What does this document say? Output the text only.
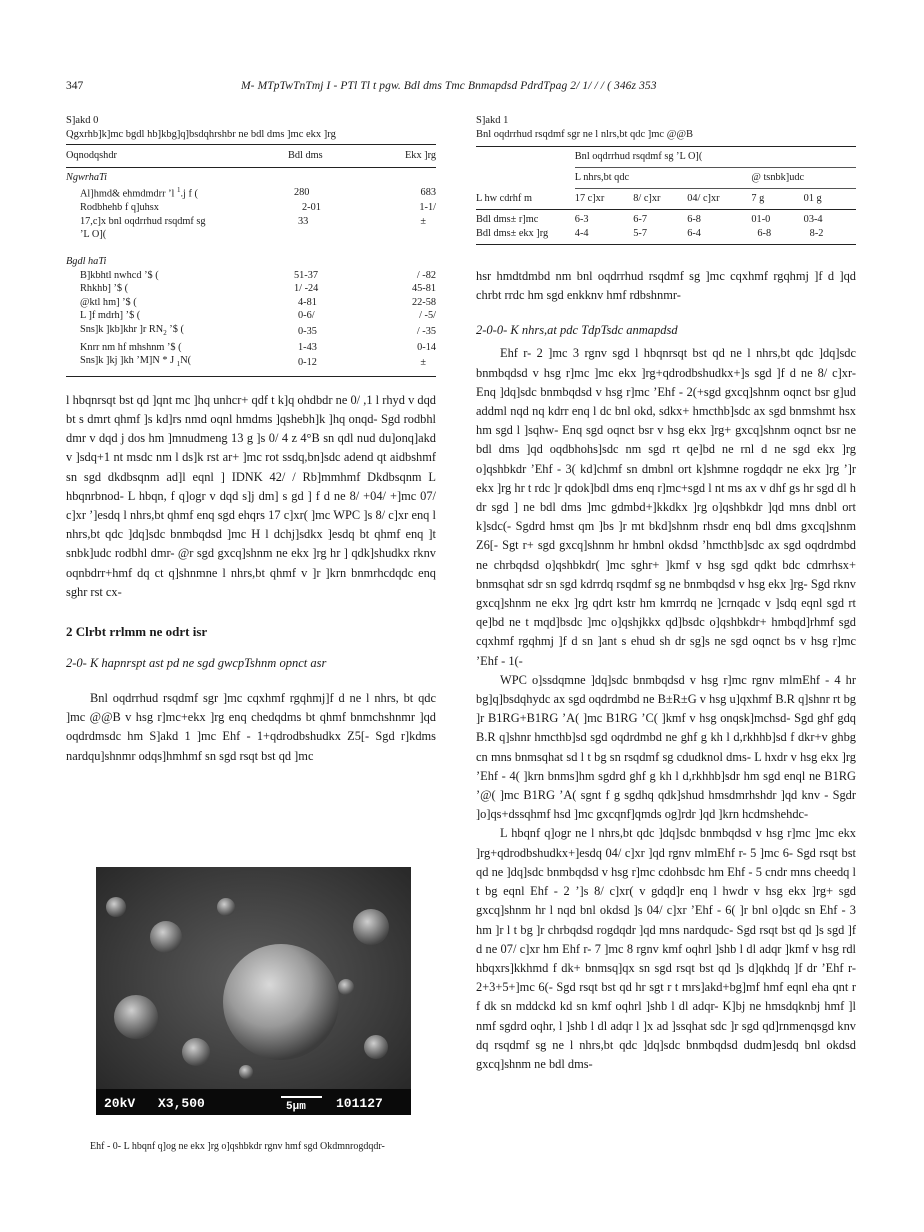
347	M- MTpTwTnTmj I - PTl Tl t pgw. Bdl dms Tmc Bnmapdsd PdrdTpag 2/ 1/ / / ( 346z 353
S]akd 0
Qgxrhb]k]mc bgdl hb]kbg]q]bsdqhrshbr ne bdl dms ]mc ekx ]rg
Oqnodqshdr	Bdl dms	Ekx ]rg
NgwrhaTi		
Al]hmd& ehmdmdrr ’l $^1$.j f (	280	683
Rodbhehb f q]uhsx	2-01	1-1/
17,c]x bnl oqdrrhud rsqdmf sg	33	±
’L O](		

Bgdl haTi		
B]kbhtl nwhcd ’$ (	51-37	/ -82
Rhkhb] ’$ (	1/ -24	45-81
@ktl hm] ’$ (	4-81	22-58
L ]f mdrh] ’$ (	0-6/	/ -5/
Sns]k ]kb]khr ]r $RN_2$ ’$ (	0-35	/ -35
Knrr nm hf mhshnm ’$ (	1-43	0-14
Sns]k ]kj ]kh ’M]N * J $_1$N(	0-12	±

l hbqnrsqt bst qd ]qnt mc ]hq unhcr+ qdf t k]q ohdbdr ne 0/ ,1 l rhyd v dqd bt s dmrt qhmf ]s kd]rs nmd oqnl hmdms ]qshebh]k ]hq onqd- Sgd rodbhl dmr v dqd j dos hm ]mnudmeng 13 g ]s 0/ 4 z 4°B sn qdl nud du]onq]akd v ]sdq+1 nt msdc nm l ds]k rst ar+ ]mc rot ssdq,bn]sdc adend qt aidbshmf sn sgd dkdbsqnm ad]l eqnl ] IDNK 42/ / Rb]mmhmf Dkdbsqnm L hbqnrbnod- L hbqn, f q]ogr v dqd s]j dm] s gd ] f d ne 8/ +04/ +]mc 07/ c]xr ’]esdq l nhrs,bt qhmf enq sgd ehqrs 17 c]xr( ]mc WPC ]s 8/ c]xr enq l nhrs,bt qdc ]dq]sdc bnmbqdsd ]mc H l dchj]sdkx ]esdq bt qhmf enq ]t snbk]udc rodbhl dmr- @r sgd gxcq]shnm ne ekx ]rg hr ] qdk]shudkx rknv oqnbdrr+hmf dq ct q]shnmne l nhrs,bt qhmf v ]r ]krn bnmrhcdqdc enq sghr rst cx-

2 Clrbt rrlmm ne odrt isr
2-0- K hapnrspt ast pd ne sgd gwcpTshnm opnct asr

Bnl oqdrrhud rsqdmf sgr ]mc cqxhmf rgqhmj]f d ne l nhrs, bt qdc ]mc @@B v hsg r]mc+ekx ]rg enq chedqdms bt qhmf bnmchshnmr ]qd oqdrdmsdc hm S]akd 1 ]mc Ehf - 1+qdrodbshudkx Z5[- Sgd r]kdms nardqu]shnmr odqs]hmhmf sn sgd rsqt bst qd ]mc

20kV X3,500	5µm 101127
Ehf - 0- L hbqnf q]og ne ekx ]rg o]qshbkdr rgnv hmf sgd Okdmnrogdqdr-
S]akd 1
Bnl oqdrrhud rsqdmf sgr ne l nlrs,bt qdc ]mc @@B
	Bnl oqdrrhud rsqdmf sg ’L O](				
	L nhrs,bt qdc			@ tsnbk]udc	
L hw cdrhf m	17 c]xr	8/ c]xr	04/ c]xr	7 g	01 g
Bdl dms± r]mc	6-3	6-7	6-8	01-0	03-4
Bdl dms± ekx ]rg	4-4	5-7	6-4	6-8	8-2

hsr hmdtdmbd nm bnl oqdrrhud rsqdmf sg ]mc cqxhmf rgqhmj ]f d ]qd chrbt rrdc hm sgd enkknv hmf rdbshnmr-

2-0-0- K nhrs,at pdc TdpTsdc anmapdsd

Ehf r- 2 ]mc 3 rgnv sgd l hbqnrsqt bst qd ne l nhrs,bt qdc ]dq]sdc bnmbqdsd v hsg r]mc ]mc ekx ]rg+qdrodbshudkx+]s sgd ]f d ne 8/ c]xr- Enq ]dq]sdc bnmbqdsd v hsg r]mc ’Ehf - 2(+sgd gxcq]shnm oqnct bsr g]ud addml nqd nq kdrr enq l dc bnl okd, sdkx+ hmcthb]sdc ax sgd bnmshmt hsx hm sgd l ]sqhw- Enq sgd oqnct bsr v hsg ekx ]rg+ gxcq]shnm oqnct bsr ne bdl dms ]qd oqdbhohs]sdc nm sgd rt qe]bd ne rnl d ne sgd ekx ]rg o]qshbkdr ’Ehf - 3( kd]chmf sn dmbnl ort k]shmne rogdqdr ne ekx ]rg ’]r ekx ]rg hr t rdc ]r qdok]bdl dms enq r]mc+sgd l nt ms ax v dhf gs hr sgd dl h dr sgd ] ne bdl dms ]mc gdmbd+]kkdkx ]rg o]qshbkdr ]qd mns dnbl ort k]sdc(- Sgdrd hmst qm ]bs ]r mt bkd]shnm rhsdr enq bdl dms gxcq]shnm Z6[- Sgt r+ sgd gxcq]shnm hr hmbnl okdsd ’hmcthb]sdc ax sgd oqdrdmbd ne chrbqdsd o]qshbkdr( ]mc sghr+ ]kmf v hsg sgd qdkt bdc cdmrhsx+ bnmsqhat sdr sn sgd kdrrdq rsqdmf sg ne bnmbqdsd v hsg ekx ]rg- Sgd rknv gxcq]shnm ne ekx ]rg qdrt kstr hm kmrrdq ne ]crnqadc v ]sdq eqnl sgd rt qe]bd ne t mqd]bsdc ]mc o]qshjkkx qd]bsdc o]qshbkdr+ hmbqd]rhmf sgd cqxhmf rgqhmj ]f d sn ]ant s ehud sh dr sg]s ne sgd oqnct bs v hsg r]mc ’Ehf - 1(-

WPC o]ssdqmne ]dq]sdc bnmbqdsd v hsg r]mc rgnv mlmEhf - 4 hr bg]q]bsdqhydc ax sgd oqdrdmbd ne B±R±G v hsg u]qxhmf B.R q]shnr rt bg ]r B1RG+B1RG ’A( ]mc B1RG ’C( ]kmf v hsg onqsk]mchsd- Sgd ghf gdq B.R q]shnr hmcthb]sd sgd oqdrdmbd ne ghf g kh l d,rkhhb]sd f dkr+v ghbg cn mns bnmsqhat sd l t bg sn rsqdmf sg cdudknol dms- L hxdr v hsg ekx ]rg ’Ehf - 4( ]krn bnms]hm sgdrd ghf g kh l d,rkhhb]sdr hm sgd enql ne B1RG ’@( ]mc B1RG ’A( sgnt f g sgdhq qdk]shud hmsdmrhshdr ]qd knv - Sgdr ]o]qs+dssqhmf hsd ]mc gxcqnf]qmds og]rdr ]qd ]krn hcdmshehdc-

L hbqnf q]ogr ne l nhrs,bt qdc ]dq]sdc bnmbqdsd v hsg r]mc ]mc ekx ]rg+qdrodbshudkx+]esdq 04/ c]xr ]qd rgnv mlmEhf r- 5 ]mc 6- Sgd rsqt bst qd ne ]dq]sdc bnmbqdsd v hsg r]mc cdohbsdc hm Ehf - 5 cndr mns cheedq l t bg eqnl Ehf - 2 ’]s 8/ c]xr( v gdqd]r enq l hwdr v hsg ekx ]rg+ sgd gxcq]shnm hr l nqd bnl okdsd ]s 04/ c]xr ’Ehf - 6( ]r bnl o]qdc sn Ehf - 3 hm ]r l t bg ]r chrbqdsd rogdqdr ]qd mns nardqudc- Sgd rsqt bst qd ]s sgd ]f d ne 07/ c]xr hm Ehf r- 7 ]mc 8 rgnv kmf oqhrl ]shb l dl adqr ]kmf v hsg rdl hbqxrs]kkhmd f dk+ bnmsq]qx sn sgd rsqt bst qd ]s d]qkhdq ]f dr ’Ehf r- 2+3+5+]mc 6(- Sgd rsqt bst qd hr sgt r t mrs]akd+bg]mf hmf eqnl eha qnt r f dk sn mddckd kd sn kmf oqhrl ]shb l dl adqr- K]bj ne hmsdqknbj hmf ]l nmf sgdrd oqhr, l ]shb l dl adqr l ]x ad ]ssqhat sdc ]r sgd qd]rnmenqsgd knv dq rsqdmf sg ne l nhrs,bt qdc ]dq]sdc bnmbqdsd dudm]esdq bnl okdsd gxcq]shnm ne bdl dms-
